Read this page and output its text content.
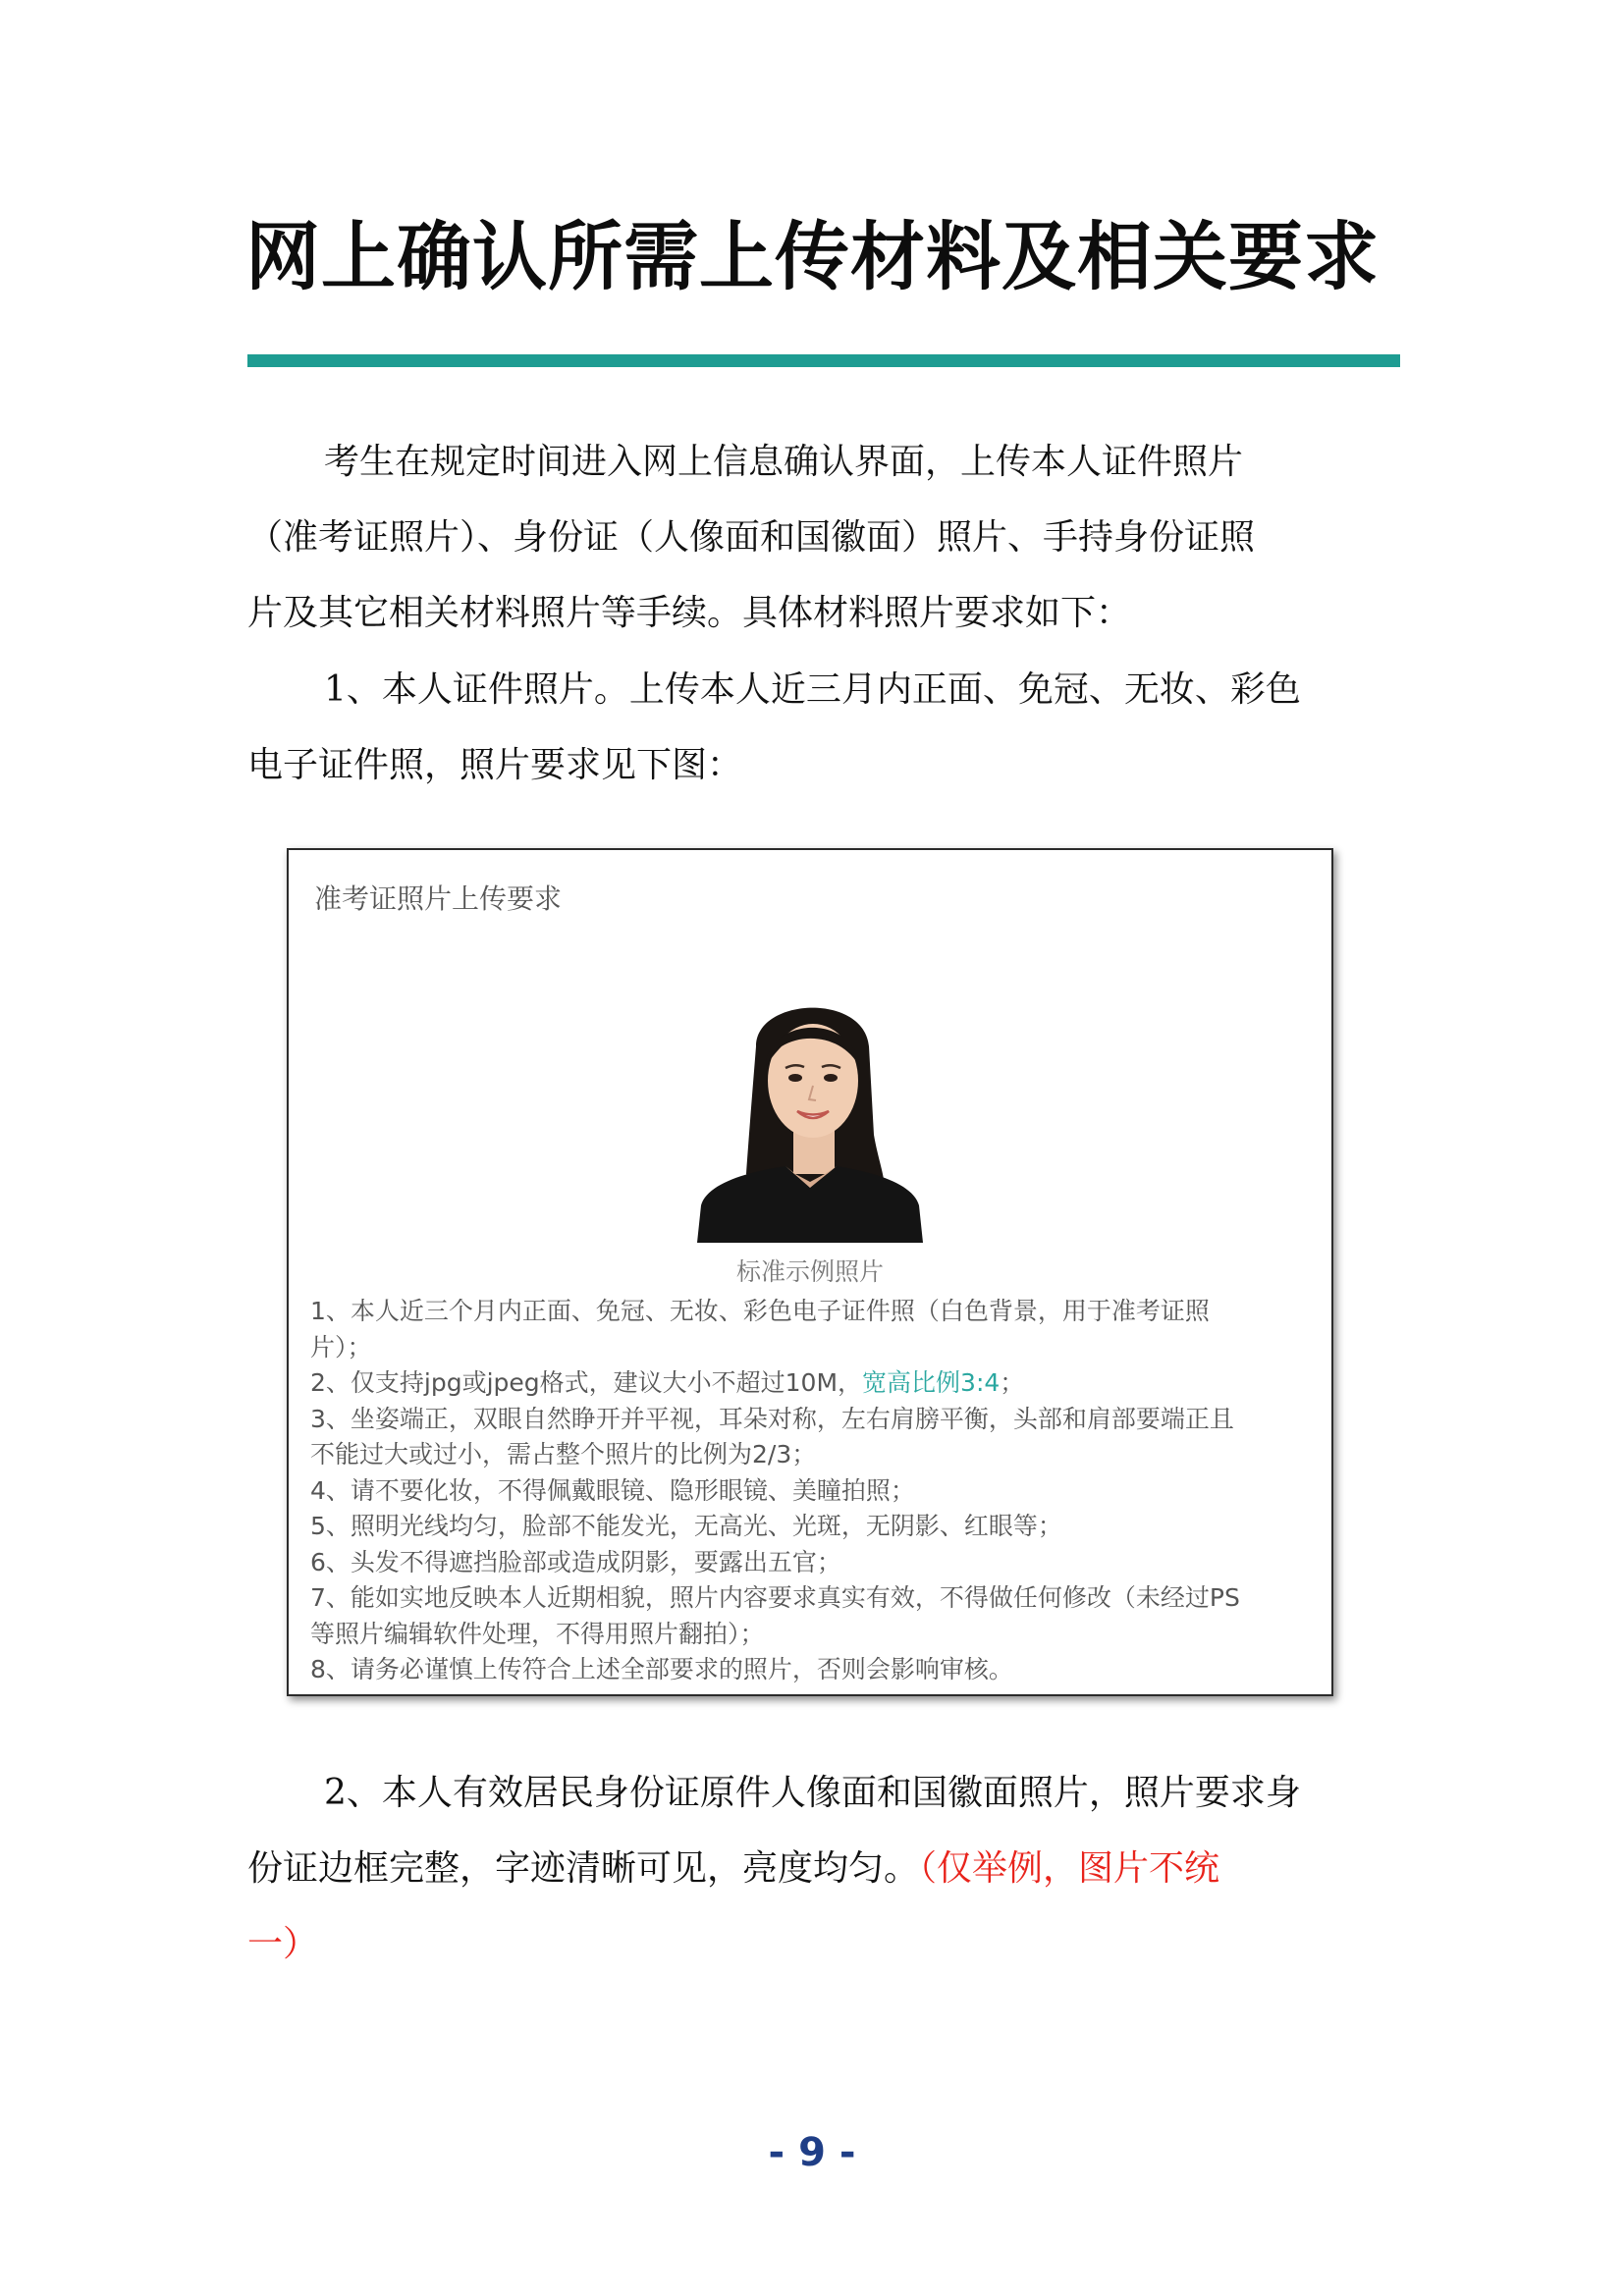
网上确认所需上传材料及相关要求
考生在规定时间进入网上信息确认界面，上传本人证件照片
（准考证照片）、身份证（人像面和国徽面）照片、手持身份证照
片及其它相关材料照片等手续。具体材料照片要求如下：
1、本人证件照片。上传本人近三月内正面、免冠、无妆、彩色
电子证件照，照片要求见下图：
准考证照片上传要求
标准示例照片
1、本人近三个月内正面、免冠、无妆、彩色电子证件照（白色背景，用于准考证照
片）；
2、仅支持jpg或jpeg格式，建议大小不超过10M，宽高比例3:4；
3、坐姿端正，双眼自然睁开并平视，耳朵对称，左右肩膀平衡，头部和肩部要端正且
不能过大或过小，需占整个照片的比例为2/3；
4、请不要化妆，不得佩戴眼镜、隐形眼镜、美瞳拍照；
5、照明光线均匀，脸部不能发光，无高光、光斑，无阴影、红眼等；
6、头发不得遮挡脸部或造成阴影，要露出五官；
7、能如实地反映本人近期相貌，照片内容要求真实有效，不得做任何修改（未经过PS
等照片编辑软件处理，不得用照片翻拍）；
8、请务必谨慎上传符合上述全部要求的照片，否则会影响审核。
2、本人有效居民身份证原件人像面和国徽面照片，照片要求身
份证边框完整，字迹清晰可见，亮度均匀。（仅举例，图片不统
一）
- 9 -
